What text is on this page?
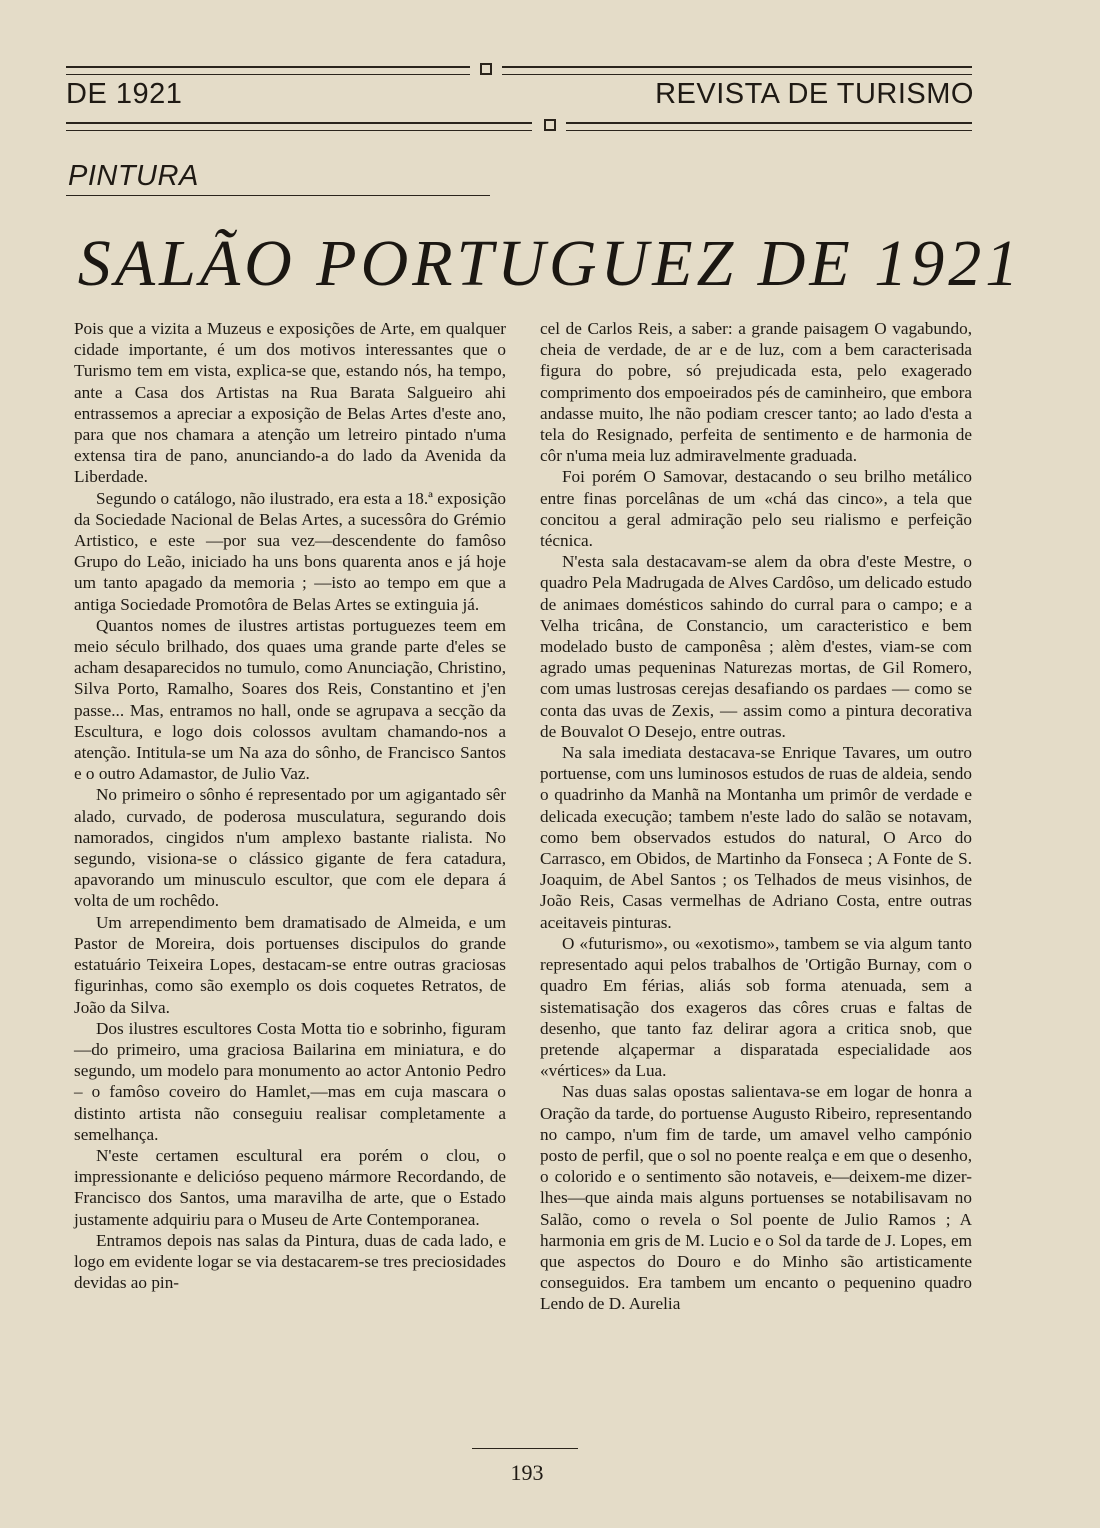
DE 1921	REVISTA DE TURISMO
PINTURA
SALÃO PORTUGUEZ DE 1921

Pois que a vizita a Muzeus e exposições de Arte, em qualquer cidade importante, é um dos motivos interessantes que o Turismo tem em vista, explica-se que, estando nós, ha tempo, ante a Casa dos Artistas na Rua Barata Salgueiro ahi entrassemos a apreciar a exposição de Belas Artes d'este ano, para que nos chamara a atenção um letreiro pintado n'uma extensa tira de pano, anunciando-a do lado da Avenida da Liberdade.

Segundo o catálogo, não ilustrado, era esta a 18.ª exposição da Sociedade Nacional de Belas Artes, a sucessôra do Grémio Artistico, e este —por sua vez—descendente do famôso Grupo do Leão, iniciado ha uns bons quarenta anos e já hoje um tanto apagado da memoria ; —isto ao tempo em que a antiga Sociedade Promotôra de Belas Artes se extinguia já.

Quantos nomes de ilustres artistas portuguezes teem em meio século brilhado, dos quaes uma grande parte d'eles se acham desaparecidos no tumulo, como Anunciação, Christino, Silva Porto, Ramalho, Soares dos Reis, Constantino et j'en passe... Mas, entramos no hall, onde se agrupava a secção da Escultura, e logo dois colossos avultam chamando-nos a atenção. Intitula-se um Na aza do sônho, de Francisco Santos e o outro Adamastor, de Julio Vaz.

No primeiro o sônho é representado por um agigantado sêr alado, curvado, de poderosa musculatura, segurando dois namorados, cingidos n'um amplexo bastante rialista. No segundo, visiona-se o clássico gigante de fera catadura, apavorando um minusculo escultor, que com ele depara á volta de um rochêdo.

Um arrependimento bem dramatisado de Almeida, e um Pastor de Moreira, dois portuenses discipulos do grande estatuário Teixeira Lopes, destacam-se entre outras graciosas figurinhas, como são exemplo os dois coquetes Retratos, de João da Silva.

Dos ilustres escultores Costa Motta tio e sobrinho, figuram—do primeiro, uma graciosa Bailarina em miniatura, e do segundo, um modelo para monumento ao actor Antonio Pedro – o famôso coveiro do Hamlet,—mas em cuja mascara o distinto artista não conseguiu realisar completamente a semelhança.

N'este certamen escultural era porém o clou, o impressionante e delicióso pequeno mármore Recordando, de Francisco dos Santos, uma maravilha de arte, que o Estado justamente adquiriu para o Museu de Arte Contemporanea.

Entramos depois nas salas da Pintura, duas de cada lado, e logo em evidente logar se via destacarem-se tres preciosidades devidas ao pin-

cel de Carlos Reis, a saber: a grande paisagem O vagabundo, cheia de verdade, de ar e de luz, com a bem caracterisada figura do pobre, só prejudicada esta, pelo exagerado comprimento dos empoeirados pés de caminheiro, que embora andasse muito, lhe não podiam crescer tanto; ao lado d'esta a tela do Resignado, perfeita de sentimento e de harmonia de côr n'uma meia luz admiravelmente graduada.

Foi porém O Samovar, destacando o seu brilho metálico entre finas porcelânas de um «chá das cinco», a tela que concitou a geral admiração pelo seu rialismo e perfeição técnica.

N'esta sala destacavam-se alem da obra d'este Mestre, o quadro Pela Madrugada de Alves Cardôso, um delicado estudo de animaes domésticos sahindo do curral para o campo; e a Velha tricâna, de Constancio, um caracteristico e bem modelado busto de camponêsa ; alèm d'estes, viam-se com agrado umas pequeninas Naturezas mortas, de Gil Romero, com umas lustrosas cerejas desafiando os pardaes — como se conta das uvas de Zexis, — assim como a pintura decorativa de Bouvalot O Desejo, entre outras.

Na sala imediata destacava-se Enrique Tavares, um outro portuense, com uns luminosos estudos de ruas de aldeia, sendo o quadrinho da Manhã na Montanha um primôr de verdade e delicada execução; tambem n'este lado do salão se notavam, como bem observados estudos do natural, O Arco do Carrasco, em Obidos, de Martinho da Fonseca ; A Fonte de S. Joaquim, de Abel Santos ; os Telhados de meus visinhos, de João Reis, Casas vermelhas de Adriano Costa, entre outras aceitaveis pinturas.

O «futurismo», ou «exotismo», tambem se via algum tanto representado aqui pelos trabalhos de 'Ortigão Burnay, com o quadro Em férias, aliás sob forma atenuada, sem a sistematisação dos exageros das côres cruas e faltas de desenho, que tanto faz delirar agora a critica snob, que pretende alçapermar a disparatada especialidade aos «vértices» da Lua.

Nas duas salas opostas salientava-se em logar de honra a Oração da tarde, do portuense Augusto Ribeiro, representando no campo, n'um fim de tarde, um amavel velho campónio posto de perfil, que o sol no poente realça e em que o desenho, o colorido e o sentimento são notaveis, e—deixem-me dizer-lhes—que ainda mais alguns portuenses se notabilisavam no Salão, como o revela o Sol poente de Julio Ramos ; A harmonia em gris de M. Lucio e o Sol da tarde de J. Lopes, em que aspectos do Douro e do Minho são artisticamente conseguidos. Era tambem um encanto o pequenino quadro Lendo de D. Aurelia

193
